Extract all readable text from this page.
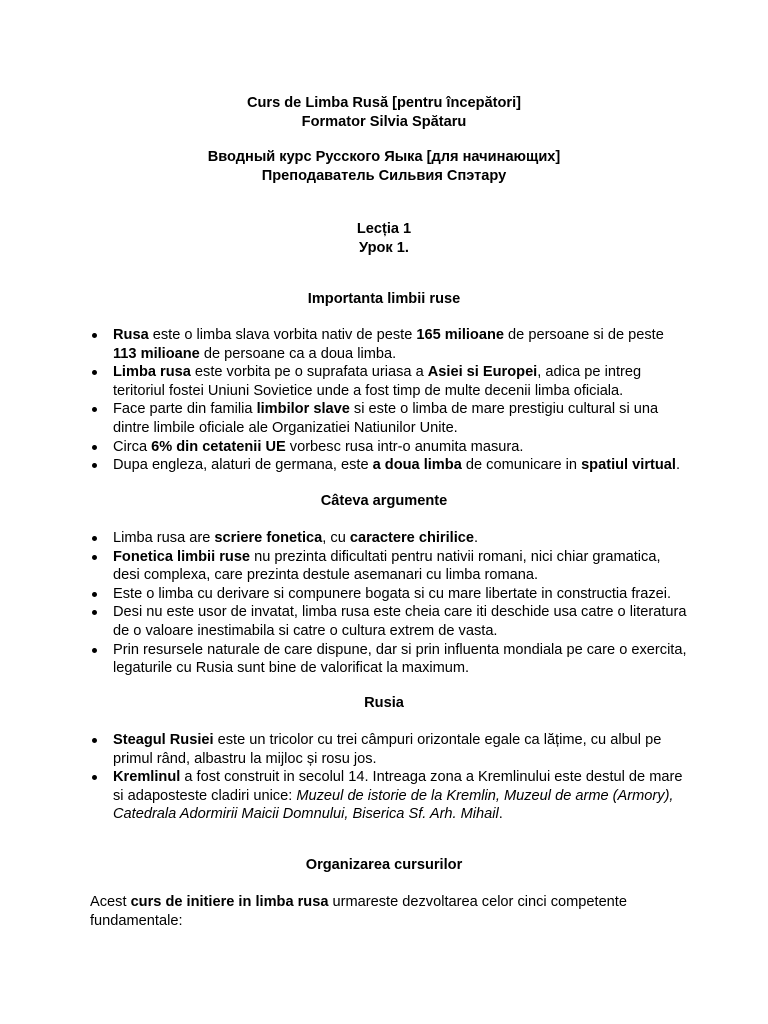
Curs de Limba Rusă [pentru începători]

Formator Silvia Spătaru

Вводный курс Русского Яыка [для начинающих]

Преподаватель Сильвия Спэтару

Lecția 1

Урок 1.

Importanta limbii ruse

Rusa este o limba slava vorbita nativ de peste 165 milioane de persoane si de peste 113 milioane de persoane ca a doua limba.
Limba rusa este vorbita pe o suprafata uriasa a Asiei si Europei, adica pe intreg teritoriul fostei Uniuni Sovietice unde a fost timp de multe decenii limba oficiala.
Face parte din familia limbilor slave si este o limba de mare prestigiu cultural si una dintre limbile oficiale ale Organizatiei Natiunilor Unite.
Circa 6% din cetatenii UE vorbesc rusa intr-o anumita masura.
Dupa engleza, alaturi de germana, este a doua limba de comunicare in spatiul virtual.

Câteva argumente

Limba rusa are scriere fonetica, cu caractere chirilice.
Fonetica limbii ruse nu prezinta dificultati pentru nativii romani, nici chiar gramatica, desi complexa, care prezinta destule asemanari cu limba romana.
Este o limba cu derivare si compunere bogata si cu mare libertate in constructia frazei.
Desi nu este usor de invatat, limba rusa este cheia care iti deschide usa catre o literatura de o valoare inestimabila si catre o cultura extrem de vasta.
Prin resursele naturale de care dispune, dar si prin influenta mondiala pe care o exercita, legaturile cu Rusia sunt bine de valorificat la maximum.

Rusia

Steagul Rusiei este un tricolor cu trei câmpuri orizontale egale ca lățime, cu albul pe primul rând, albastru la mijloc și rosu jos.
Kremlinul a fost construit in secolul 14. Intreaga zona a Kremlinului este destul de mare si adaposteste cladiri unice: Muzeul de istorie de la Kremlin, Muzeul de arme (Armory), Catedrala Adormirii Maicii Domnului, Biserica Sf. Arh. Mihail.

Organizarea cursurilor

Acest curs de initiere in limba rusa urmareste dezvoltarea celor cinci competente fundamentale:
